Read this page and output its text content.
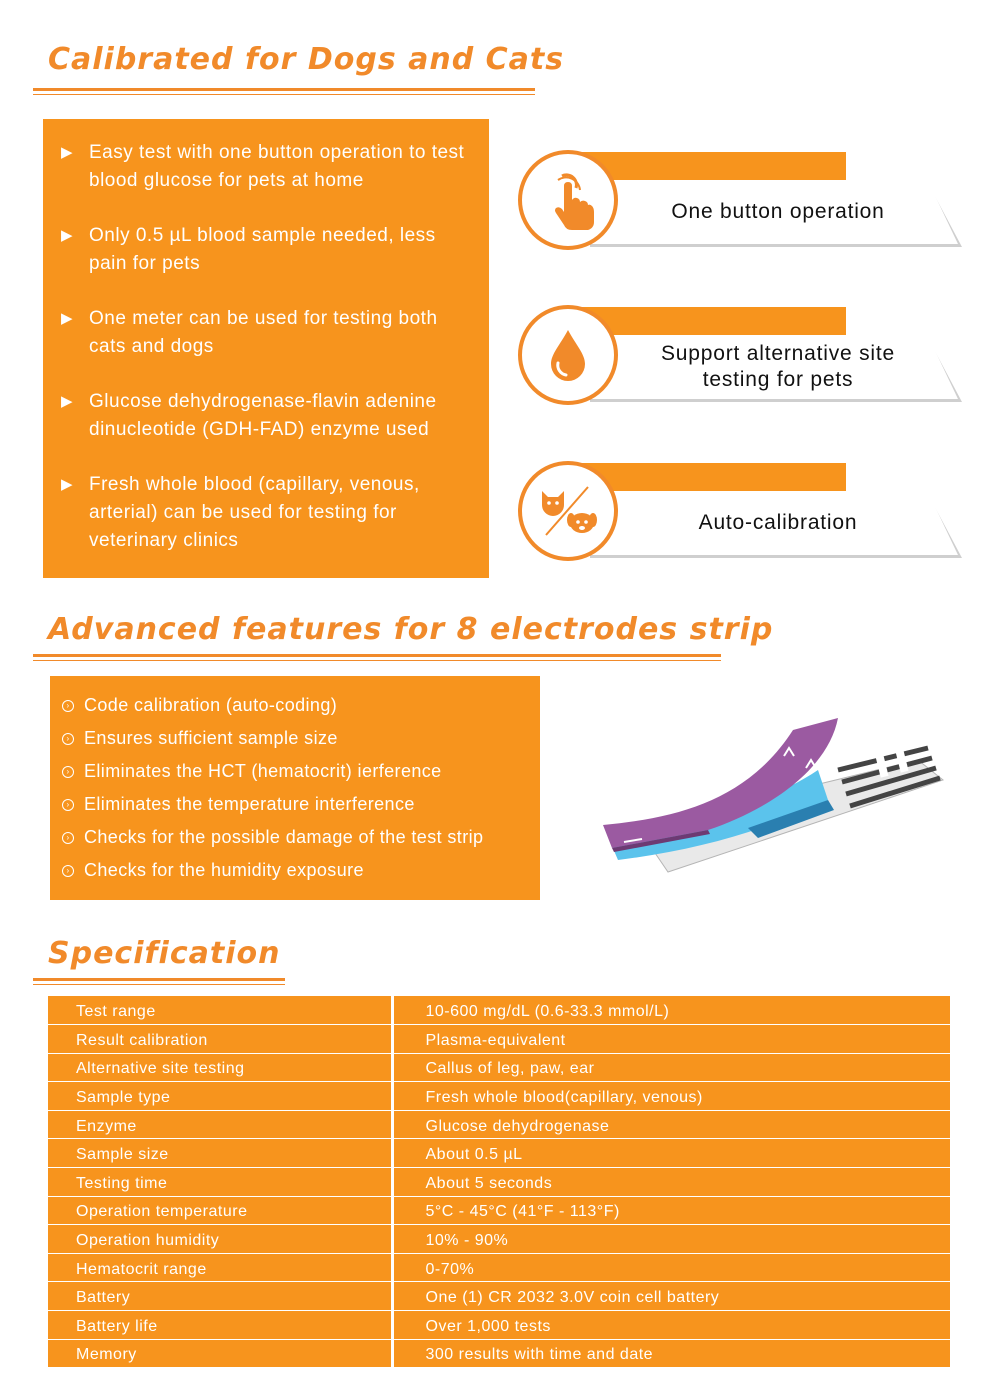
Calibrated for Dogs and Cats
▶ Easy test with one button operation to test blood glucose for pets at home
▶ Only 0.5 µL blood sample needed, less pain for pets
▶ One meter can be used for testing both cats and dogs
▶ Glucose dehydrogenase-flavin adenine dinucleotide (GDH-FAD) enzyme used
▶ Fresh whole blood (capillary, venous, arterial) can be used for testing for veterinary clinics
One button operation
Support alternative site testing for pets
Auto-calibration
Advanced features for 8 electrodes strip
› Code calibration (auto-coding)
› Ensures sufficient sample size
› Eliminates the HCT (hematocrit) ierference
› Eliminates the temperature interference
› Checks for the possible damage of the test strip
› Checks for the humidity exposure
Specification
Test range	10-600 mg/dL (0.6-33.3 mmol/L)
Result calibration	Plasma-equivalent
Alternative site testing	Callus of leg, paw, ear
Sample type	Fresh whole blood(capillary, venous)
Enzyme	Glucose dehydrogenase
Sample size	About 0.5 µL
Testing time	About 5 seconds
Operation temperature	5°C - 45°C (41°F - 113°F)
Operation humidity	10% - 90%
Hematocrit range	0-70%
Battery	One (1) CR 2032 3.0V coin cell battery
Battery life	Over 1,000 tests
Memory	300 results with time and date
